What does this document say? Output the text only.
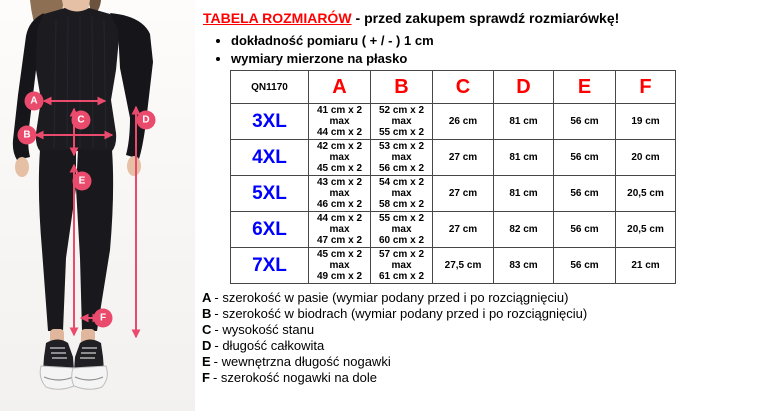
A
B
C	D
E
F
TABELA ROZMIARÓW - przed zakupem sprawdź rozmiarówkę!
• dokładność pomiaru ( + / - ) 1 cm
• wymiary mierzone na płasko
QN1170	A	B	C	D	E	F
3XL	41 cm x 2
max
44 cm x 2

52 cm x 2
max
55 cm x 2
	26 cm	81 cm	56 cm	19 cm
4XL	42 cm x 2
max
45 cm x 2

53 cm x 2
max
56 cm x 2
	27 cm	81 cm	56 cm	20 cm
5XL	43 cm x 2
max
46 cm x 2

54 cm x 2
max
58 cm x 2
	27 cm	81 cm	56 cm	20,5 cm
6XL	44 cm x 2
max
47 cm x 2

55 cm x 2
max
60 cm x 2
	27 cm	82 cm	56 cm	20,5 cm
7XL	45 cm x 2
max
49 cm x 2

57 cm x 2
max
61 cm x 2
	27,5 cm	83 cm	56 cm	21 cm
A - szerokość w pasie (wymiar podany przed i po rozciągnięciu)
B - szerokość w biodrach (wymiar podany przed i po rozciągnięciu)
C - wysokość stanu
D - długość całkowita
E - wewnętrzna długość nogawki
F - szerokość nogawki na dole
